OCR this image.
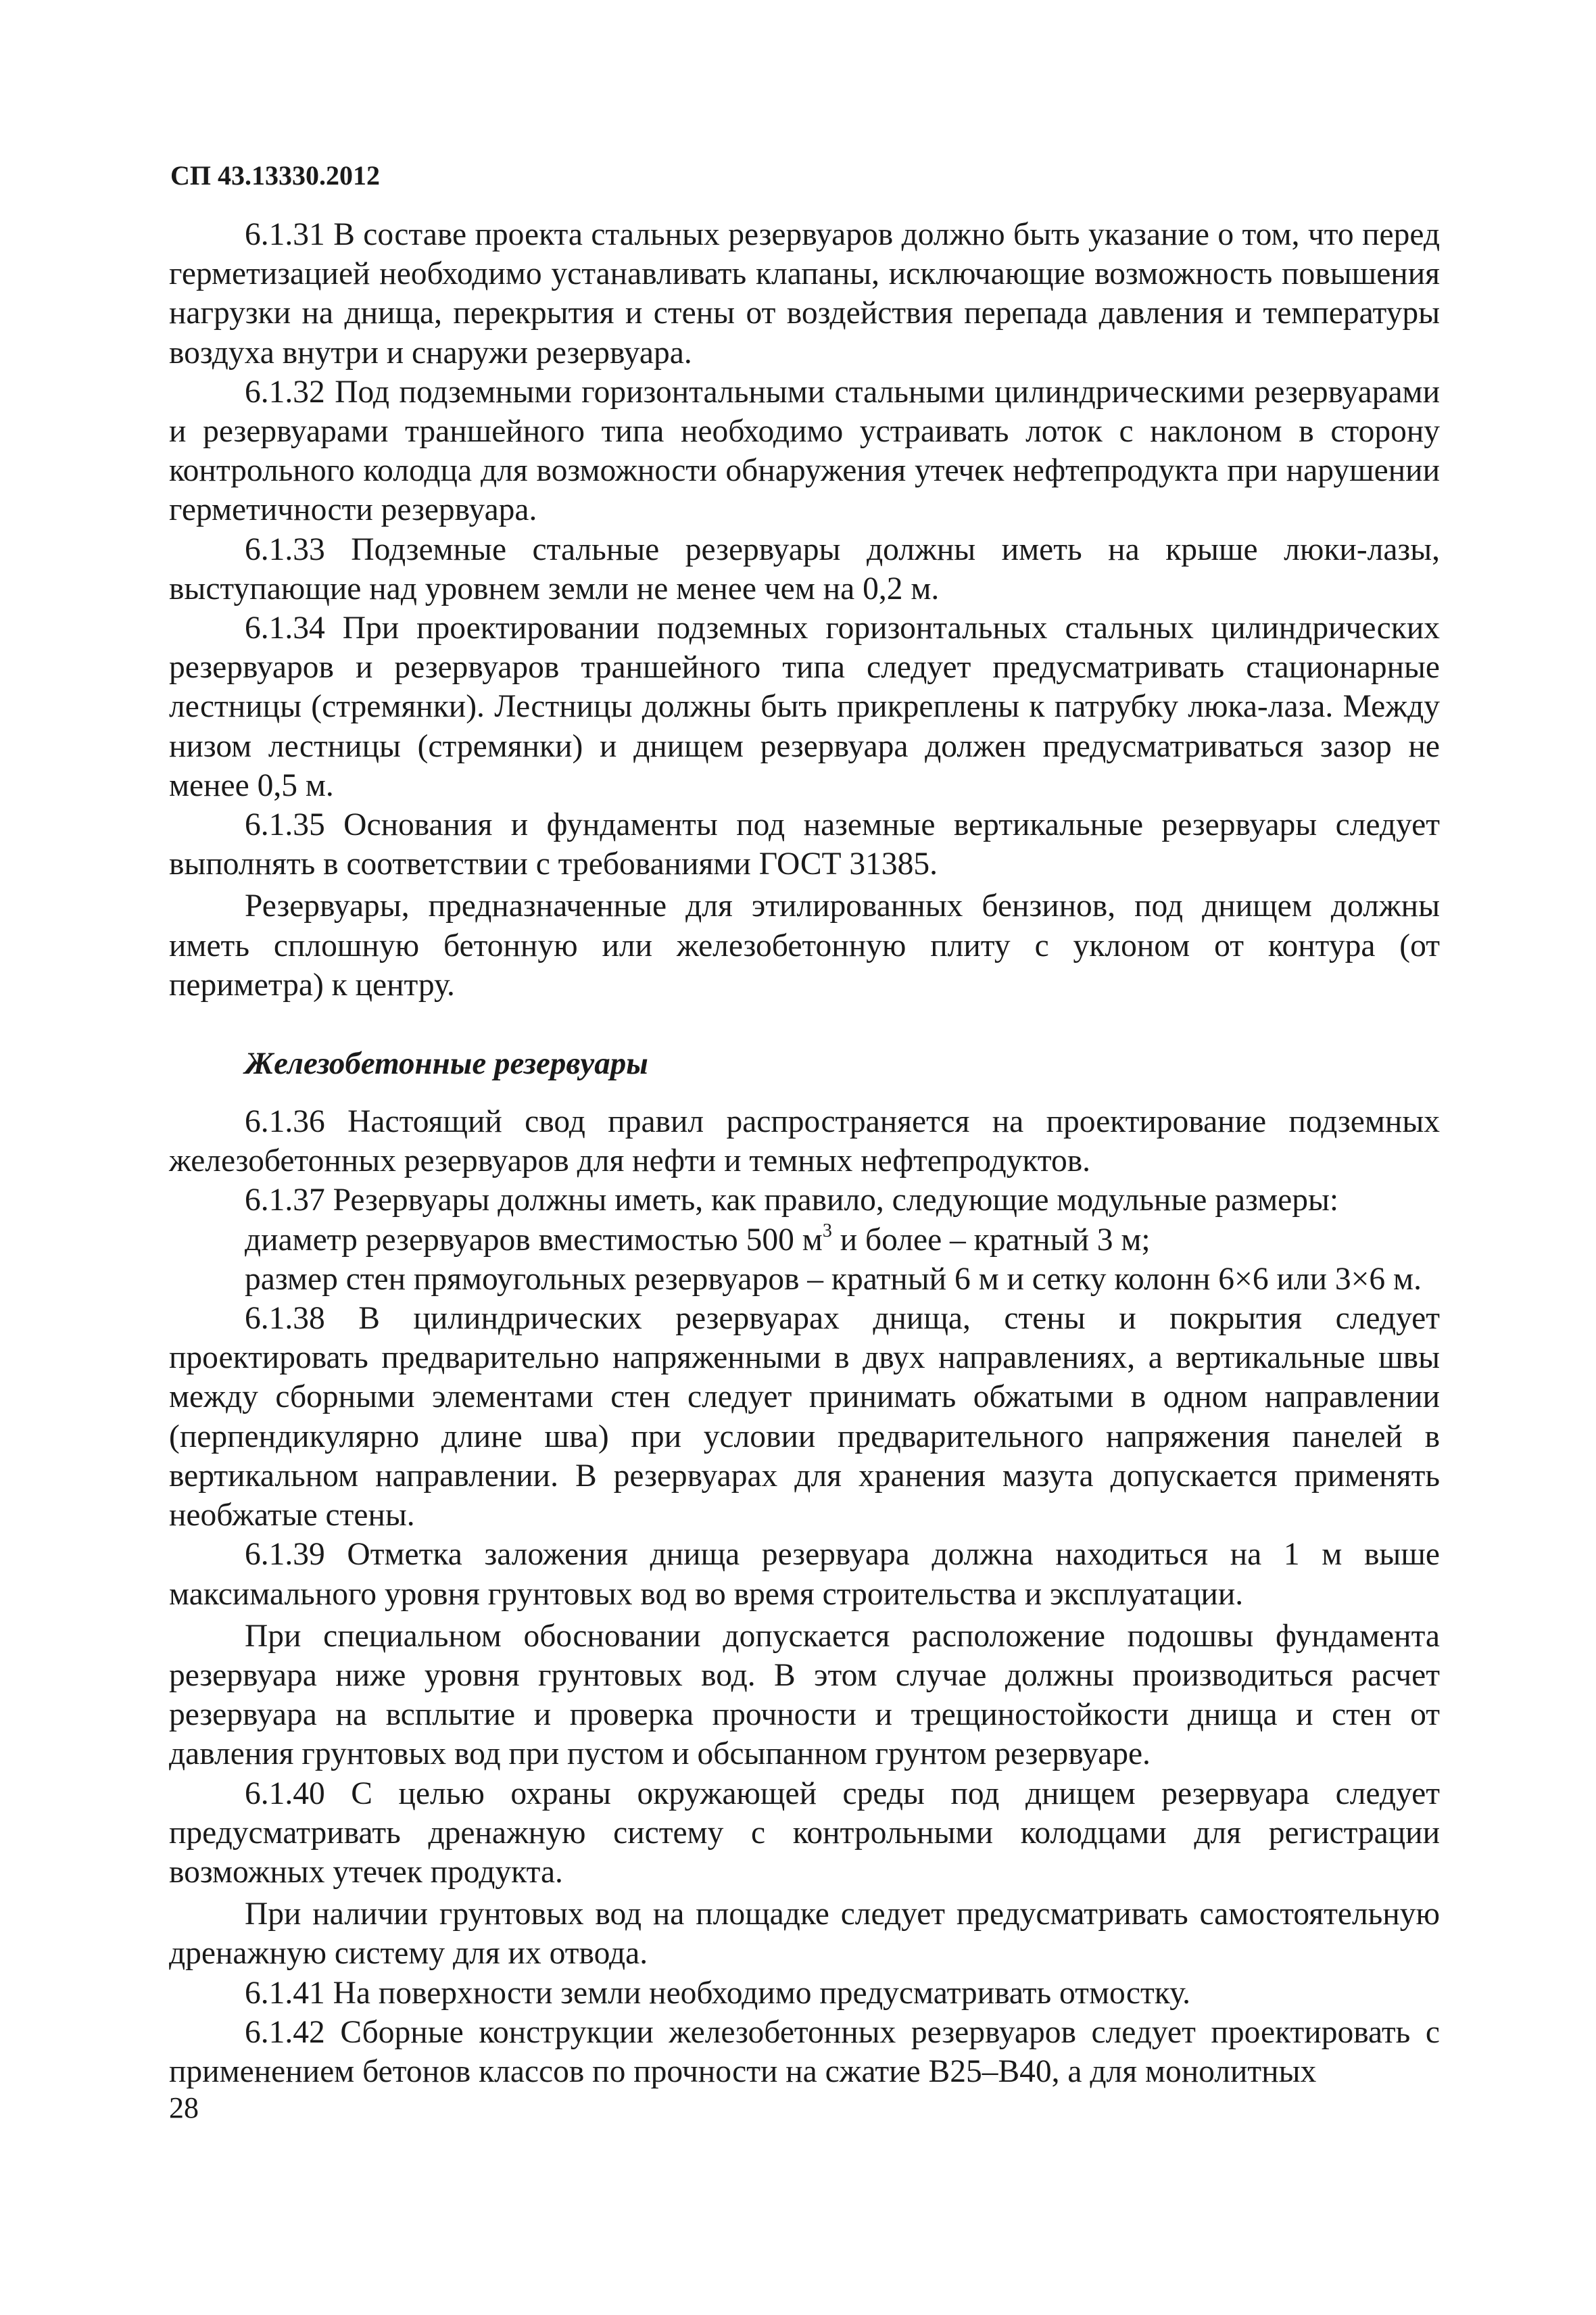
СП 43.13330.2012

6.1.31 В составе проекта стальных резервуаров должно быть указание о том, что перед герметизацией необходимо устанавливать клапаны, исключающие возможность повышения нагрузки на днища, перекрытия и стены от воздействия перепада давления и температуры воздуха внутри и снаружи резервуара.

6.1.32 Под подземными горизонтальными стальными цилиндрическими резервуарами и резервуарами траншейного типа необходимо устраивать лоток с наклоном в сторону контрольного колодца для возможности обнаружения утечек нефтепродукта при нарушении герметичности резервуара.

6.1.33 Подземные стальные резервуары должны иметь на крыше люки-лазы, выступающие над уровнем земли не менее чем на 0,2 м.

6.1.34 При проектировании подземных горизонтальных стальных цилиндрических резервуаров и резервуаров траншейного типа следует предусматривать стационарные лестницы (стремянки). Лестницы должны быть прикреплены к патрубку люка-лаза. Между низом лестницы (стремянки) и днищем резервуара должен предусматриваться зазор не менее 0,5 м.

6.1.35 Основания и фундаменты под наземные вертикальные резервуары следует выполнять в соответствии с требованиями ГОСТ 31385.

Резервуары, предназначенные для этилированных бензинов, под днищем должны иметь сплошную бетонную или железобетонную плиту с уклоном от контура (от периметра) к центру.

Железобетонные резервуары

6.1.36 Настоящий свод правил распространяется на проектирование подземных железобетонных резервуаров для нефти и темных нефтепродуктов.

6.1.37 Резервуары должны иметь, как правило, следующие модульные размеры:

диаметр резервуаров вместимостью 500 $м^3$ и более – кратный 3 м;

размер стен прямоугольных резервуаров – кратный 6 м и сетку колонн 6×6 или 3×6 м.

6.1.38 В цилиндрических резервуарах днища, стены и покрытия следует проектировать предварительно напряженными в двух направлениях, а вертикальные швы между сборными элементами стен следует принимать обжатыми в одном направлении (перпендикулярно длине шва) при условии предварительного напряжения панелей в вертикальном направлении. В резервуарах для хранения мазута допускается применять необжатые стены.

6.1.39 Отметка заложения днища резервуара должна находиться на 1 м выше максимального уровня грунтовых вод во время строительства и эксплуатации.

При специальном обосновании допускается расположение подошвы фундамента резервуара ниже уровня грунтовых вод. В этом случае должны производиться расчет резервуара на всплытие и проверка прочности и трещиностойкости днища и стен от давления грунтовых вод при пустом и обсыпанном грунтом резервуаре.

6.1.40 С целью охраны окружающей среды под днищем резервуара следует предусматривать дренажную систему с контрольными колодцами для регистрации возможных утечек продукта.

При наличии грунтовых вод на площадке следует предусматривать самостоятельную дренажную систему для их отвода.

6.1.41 На поверхности земли необходимо предусматривать отмостку.

6.1.42 Сборные конструкции железобетонных резервуаров следует проектировать с применением бетонов классов по прочности на сжатие В25–В40, а для монолитных

28
